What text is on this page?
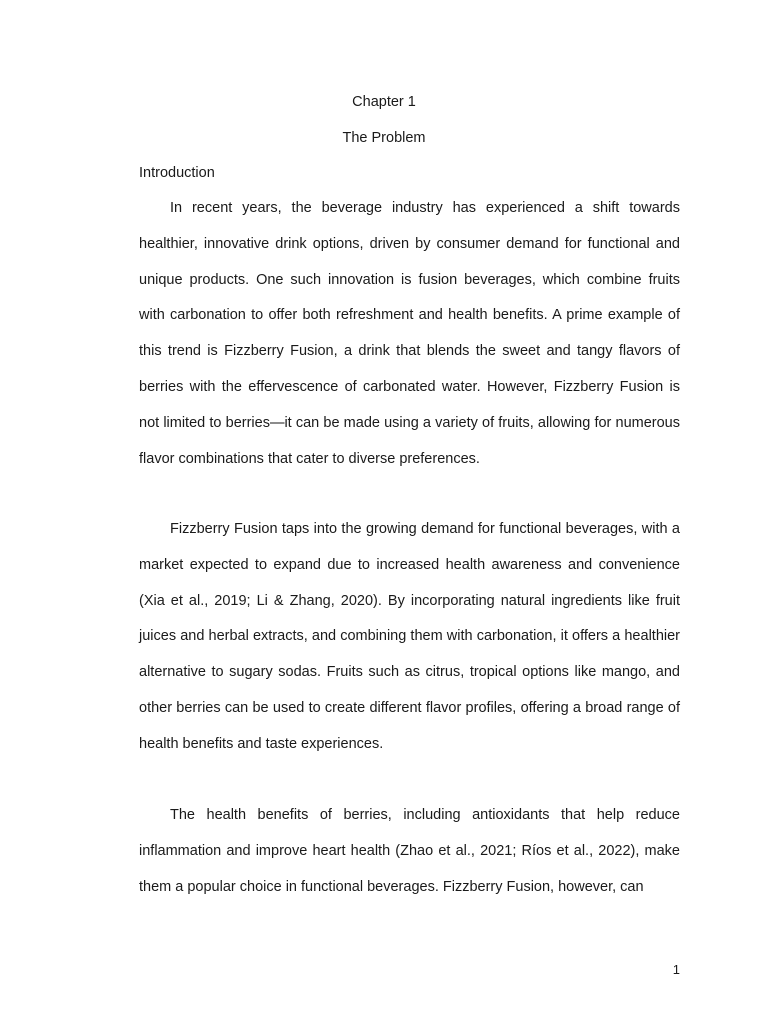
Chapter 1
The Problem
Introduction

In recent years, the beverage industry has experienced a shift towards healthier, innovative drink options, driven by consumer demand for functional and unique products. One such innovation is fusion beverages, which combine fruits with carbonation to offer both refreshment and health benefits. A prime example of this trend is Fizzberry Fusion, a drink that blends the sweet and tangy flavors of berries with the effervescence of carbonated water. However, Fizzberry Fusion is not limited to berries—it can be made using a variety of fruits, allowing for numerous flavor combinations that cater to diverse preferences.

Fizzberry Fusion taps into the growing demand for functional beverages, with a market expected to expand due to increased health awareness and convenience (Xia et al., 2019; Li & Zhang, 2020). By incorporating natural ingredients like fruit juices and herbal extracts, and combining them with carbonation, it offers a healthier alternative to sugary sodas. Fruits such as citrus, tropical options like mango, and other berries can be used to create different flavor profiles, offering a broad range of health benefits and taste experiences.

The health benefits of berries, including antioxidants that help reduce inflammation and improve heart health (Zhao et al., 2021; Ríos et al., 2022), make them a popular choice in functional beverages. Fizzberry Fusion, however, can

1
